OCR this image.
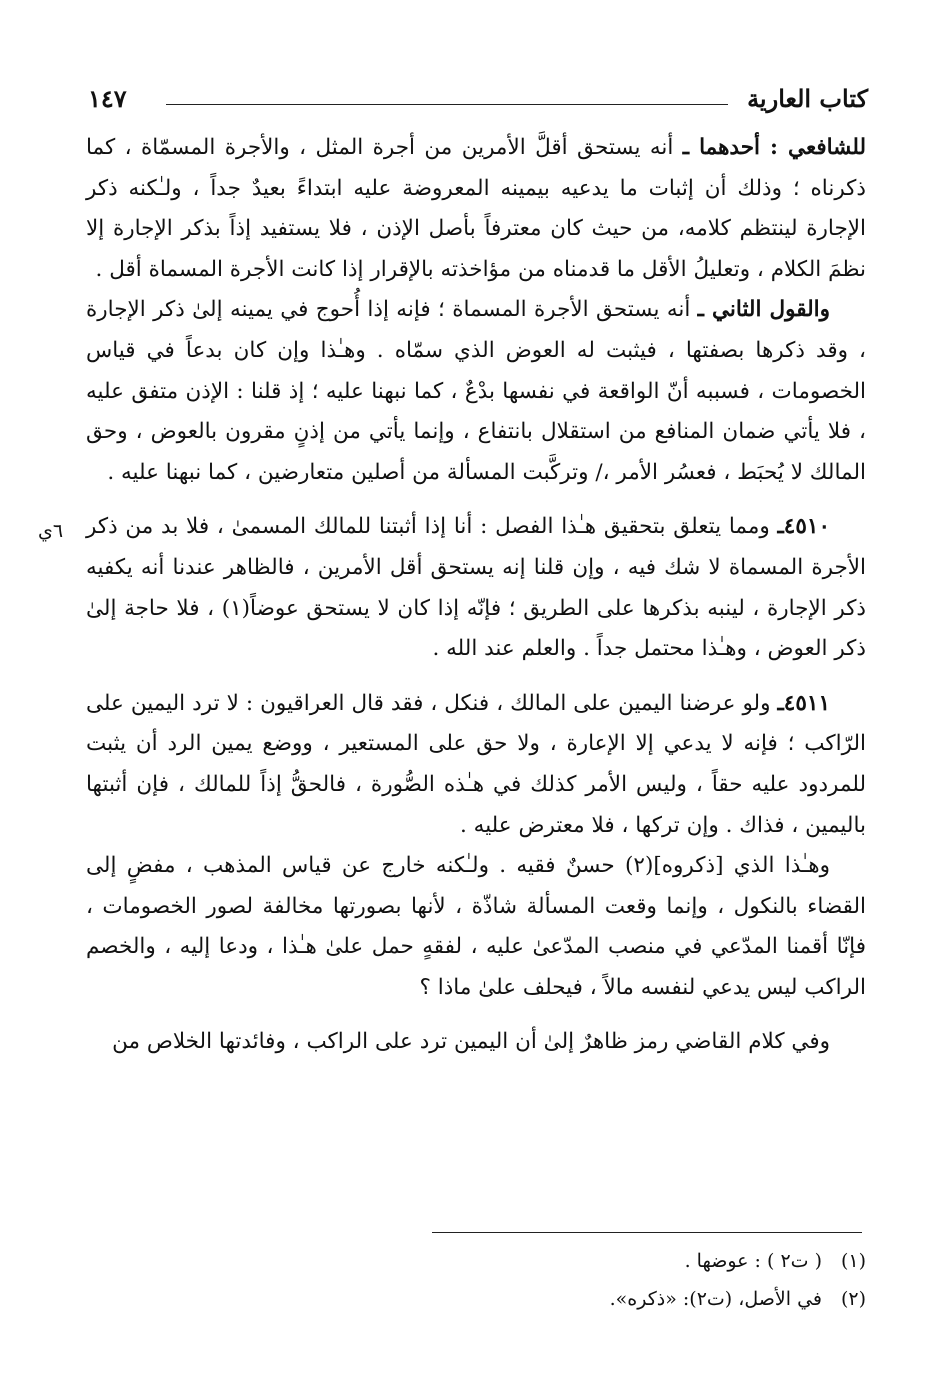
١٤٧	كتاب العارية
٦ي

للشافعي : أحدهما ـ أنه يستحق أقلَّ الأمرين من أجرة المثل ، والأجرة المسمّاة ، كما ذكرناه ؛ وذلك أن إثبات ما يدعيه بيمينه المعروضة عليه ابتداءً بعيدٌ جداً ، ولـٰكنه ذكر الإجارة لينتظم كلامه، من حيث كان معترفاً بأصل الإذن ، فلا يستفيد إذاً بذكر الإجارة إلا نظمَ الكلام ، وتعليلُ الأقل ما قدمناه من مؤاخذته بالإقرار إذا كانت الأجرة المسماة أقل .

والقول الثاني ـ أنه يستحق الأجرة المسماة ؛ فإنه إذا أُحوج في يمينه إلىٰ ذكر الإجارة ، وقد ذكرها بصفتها ، فيثبت له العوض الذي سمّاه . وهـٰذا وإن كان بدعاً في قياس الخصومات ، فسببه أنّ الواقعة في نفسها بدْعٌ ، كما نبهنا عليه ؛ إذ قلنا : الإذن متفق عليه ، فلا يأتي ضمان المنافع من استقلال بانتفاع ، وإنما يأتي من إذنٍ مقرون بالعوض ، وحق المالك لا يُحبَط ، فعسُر الأمر ،/ وتركَّبت المسألة من أصلين متعارضين ، كما نبهنا عليه .

٤٥١٠ـ ومما يتعلق بتحقيق هـٰذا الفصل : أنا إذا أثبتنا للمالك المسمىٰ ، فلا بد من ذكر الأجرة المسماة لا شك فيه ، وإن قلنا إنه يستحق أقل الأمرين ، فالظاهر عندنا أنه يكفيه ذكر الإجارة ، لينبه بذكرها على الطريق ؛ فإنّه إذا كان لا يستحق عوضاً(١) ، فلا حاجة إلىٰ ذكر العوض ، وهـٰذا محتمل جداً . والعلم عند الله .

٤٥١١ـ ولو عرضنا اليمين على المالك ، فنكل ، فقد قال العراقيون : لا ترد اليمين على الرّاكب ؛ فإنه لا يدعي إلا الإعارة ، ولا حق على المستعير ، ووضع يمين الرد أن يثبت للمردود عليه حقاً ، وليس الأمر كذلك في هـٰذه الصُّورة ، فالحقُّ إذاً للمالك ، فإن أثبتها باليمين ، فذاك . وإن تركها ، فلا معترض عليه .

وهـٰذا الذي [ذكروه](٢) حسنٌ فقيه . ولـٰكنه خارج عن قياس المذهب ، مفضٍ إلى القضاء بالنكول ، وإنما وقعت المسألة شاذّة ، لأنها بصورتها مخالفة لصور الخصومات ، فإنّا أقمنا المدّعي في منصب المدّعىٰ عليه ، لفقهٍ حمل علىٰ هـٰذا ، ودعا إليه ، والخصم الراكب ليس يدعي لنفسه مالاً ، فيحلف علىٰ ماذا ؟

وفي كلام القاضي رمز ظاهرٌ إلىٰ أن اليمين ترد على الراكب ، وفائدتها الخلاص من

(١)( ت٢ ) : عوضها .

(٢)في الأصل، (ت٢): «ذكره».
